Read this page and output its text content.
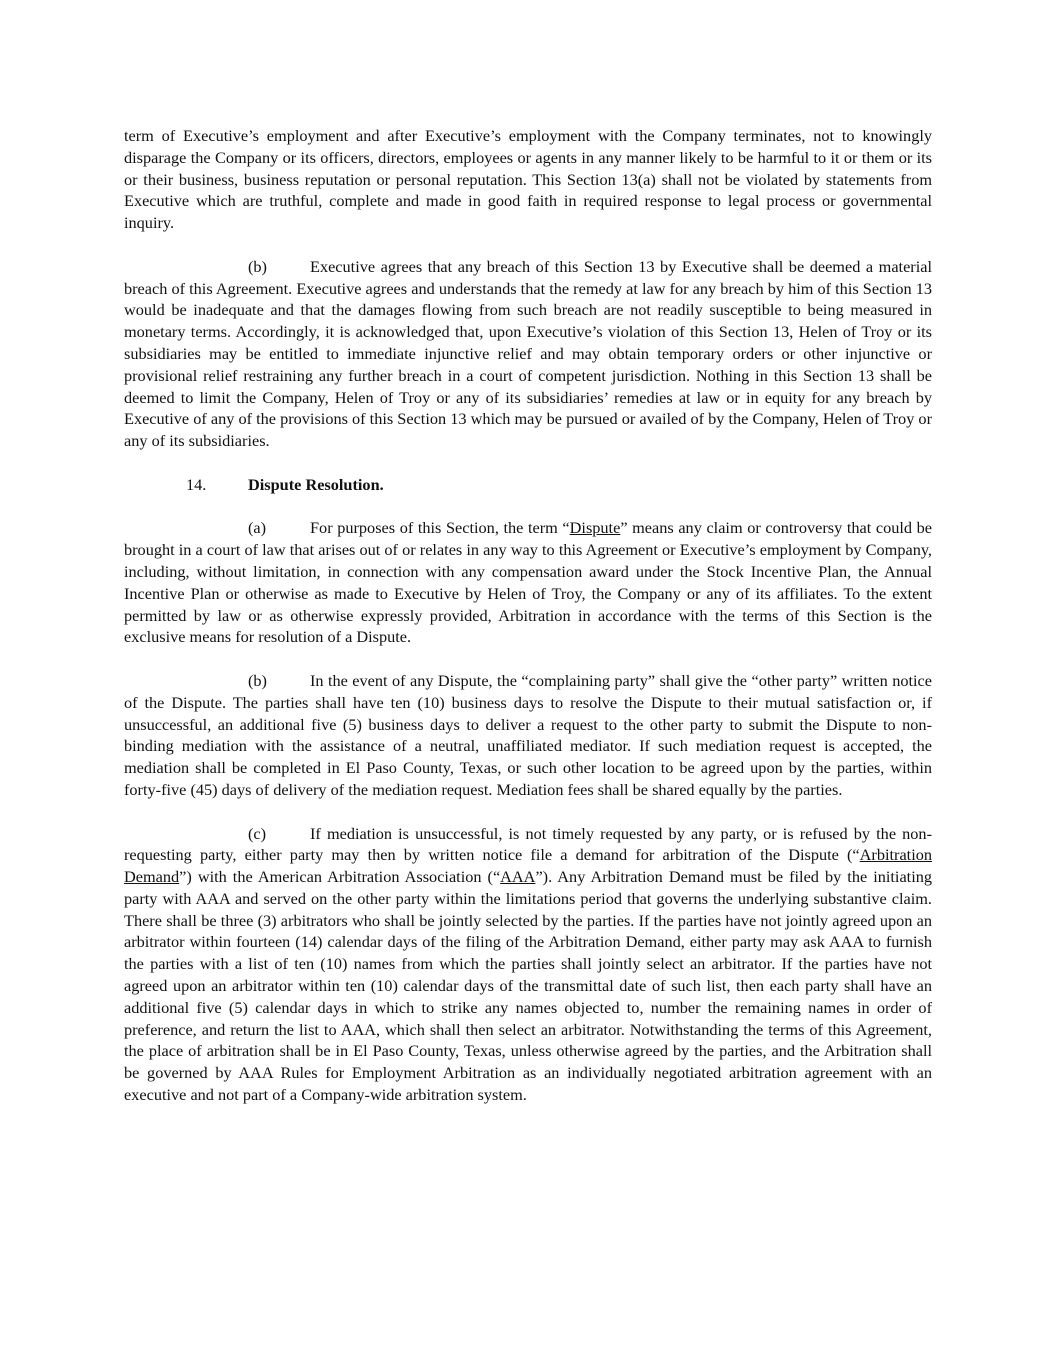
term of Executive’s employment and after Executive’s employment with the Company terminates, not to knowingly disparage the Company or its officers, directors, employees or agents in any manner likely to be harmful to it or them or its or their business, business reputation or personal reputation. This Section 13(a) shall not be violated by statements from Executive which are truthful, complete and made in good faith in required response to legal process or governmental inquiry.

(b)	Executive agrees that any breach of this Section 13 by Executive shall be deemed a material breach of this Agreement. Executive agrees and understands that the remedy at law for any breach by him of this Section 13 would be inadequate and that the damages flowing from such breach are not readily susceptible to being measured in monetary terms. Accordingly, it is acknowledged that, upon Executive’s violation of this Section 13, Helen of Troy or its subsidiaries may be entitled to immediate injunctive relief and may obtain temporary orders or other injunctive or provisional relief restraining any further breach in a court of competent jurisdiction. Nothing in this Section 13 shall be deemed to limit the Company, Helen of Troy or any of its subsidiaries’ remedies at law or in equity for any breach by Executive of any of the provisions of this Section 13 which may be pursued or availed of by the Company, Helen of Troy or any of its subsidiaries.

14.	Dispute Resolution.

(a)	For purposes of this Section, the term “Dispute” means any claim or controversy that could be brought in a court of law that arises out of or relates in any way to this Agreement or Executive’s employment by Company, including, without limitation, in connection with any compensation award under the Stock Incentive Plan, the Annual Incentive Plan or otherwise as made to Executive by Helen of Troy, the Company or any of its affiliates. To the extent permitted by law or as otherwise expressly provided, Arbitration in accordance with the terms of this Section is the exclusive means for resolution of a Dispute.

(b)	In the event of any Dispute, the “complaining party” shall give the “other party” written notice of the Dispute. The parties shall have ten (10) business days to resolve the Dispute to their mutual satisfaction or, if unsuccessful, an additional five (5) business days to deliver a request to the other party to submit the Dispute to non-binding mediation with the assistance of a neutral, unaffiliated mediator. If such mediation request is accepted, the mediation shall be completed in El Paso County, Texas, or such other location to be agreed upon by the parties, within forty-five (45) days of delivery of the mediation request. Mediation fees shall be shared equally by the parties.

(c)	If mediation is unsuccessful, is not timely requested by any party, or is refused by the non-requesting party, either party may then by written notice file a demand for arbitration of the Dispute (“Arbitration Demand”) with the American Arbitration Association (“AAA”). Any Arbitration Demand must be filed by the initiating party with AAA and served on the other party within the limitations period that governs the underlying substantive claim. There shall be three (3) arbitrators who shall be jointly selected by the parties. If the parties have not jointly agreed upon an arbitrator within fourteen (14) calendar days of the filing of the Arbitration Demand, either party may ask AAA to furnish the parties with a list of ten (10) names from which the parties shall jointly select an arbitrator. If the parties have not agreed upon an arbitrator within ten (10) calendar days of the transmittal date of such list, then each party shall have an additional five (5) calendar days in which to strike any names objected to, number the remaining names in order of preference, and return the list to AAA, which shall then select an arbitrator. Notwithstanding the terms of this Agreement, the place of arbitration shall be in El Paso County, Texas, unless otherwise agreed by the parties, and the Arbitration shall be governed by AAA Rules for Employment Arbitration as an individually negotiated arbitration agreement with an executive and not part of a Company-wide arbitration system.
